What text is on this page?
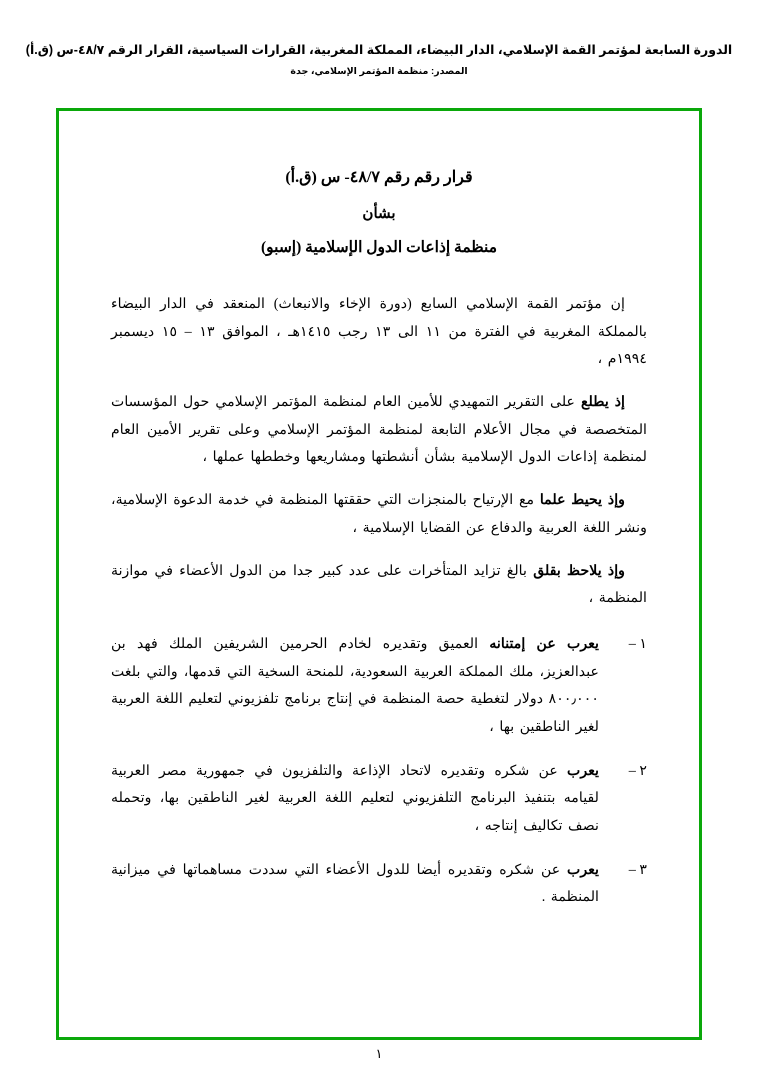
الدورة السابعة لمؤتمر القمة الإسلامي، الدار البيضاء، المملكة المغربية، القرارات السياسية، القرار الرقم ٤٨/٧-س (ق.أ)
المصدر: منظمة المؤتمر الإسلامي، جدة
قرار رقم رقم ٤٨/٧- س (ق.أ)
بشأن
منظمة إذاعات الدول الإسلامية (إسبو)

إن مؤتمر القمة الإسلامي السابع (دورة الإخاء والانبعاث) المنعقد في الدار البيضاء بالمملكة المغربية في الفترة من ١١ الى ١٣ رجب ١٤١٥هـ ، الموافق ١٣ – ١٥ ديسمبر ١٩٩٤م ،

إذ يطلع على التقرير التمهيدي للأمين العام لمنظمة المؤتمر الإسلامي حول المؤسسات المتخصصة في مجال الأعلام التابعة لمنظمة المؤتمر الإسلامي وعلى تقرير الأمين العام لمنظمة إذاعات الدول الإسلامية بشأن أنشطتها ومشاريعها وخططها عملها ،

وإذ يحيط علما مع الإرتياح بالمنجزات التي حققتها المنظمة في خدمة الدعوة الإسلامية، ونشر اللغة العربية والدفاع عن القضايا الإسلامية ،

وإذ يلاحظ بقلق بالغ تزايد المتأخرات على عدد كبير جدا من الدول الأعضاء في موازنة المنظمة ،

١ –
يعرب عن إمتنانه العميق وتقديره لخادم الحرمين الشريفين الملك فهد بن عبدالعزيز، ملك المملكة العربية السعودية، للمنحة السخية التي قدمها، والتي بلغت ٨٠٠٫٠٠٠ دولار لتغطية حصة المنظمة في إنتاج برنامج تلفزيوني لتعليم اللغة العربية لغير الناطقين بها ،
٢ –
يعرب عن شكره وتقديره لاتحاد الإذاعة والتلفزيون في جمهورية مصر العربية لقيامه بتنفيذ البرنامج التلفزيوني لتعليم اللغة العربية لغير الناطقين بها، وتحمله نصف تكاليف إنتاجه ،
٣ –
يعرب عن شكره وتقديره أيضا للدول الأعضاء التي سددت مساهماتها في ميزانية المنظمة .
١
